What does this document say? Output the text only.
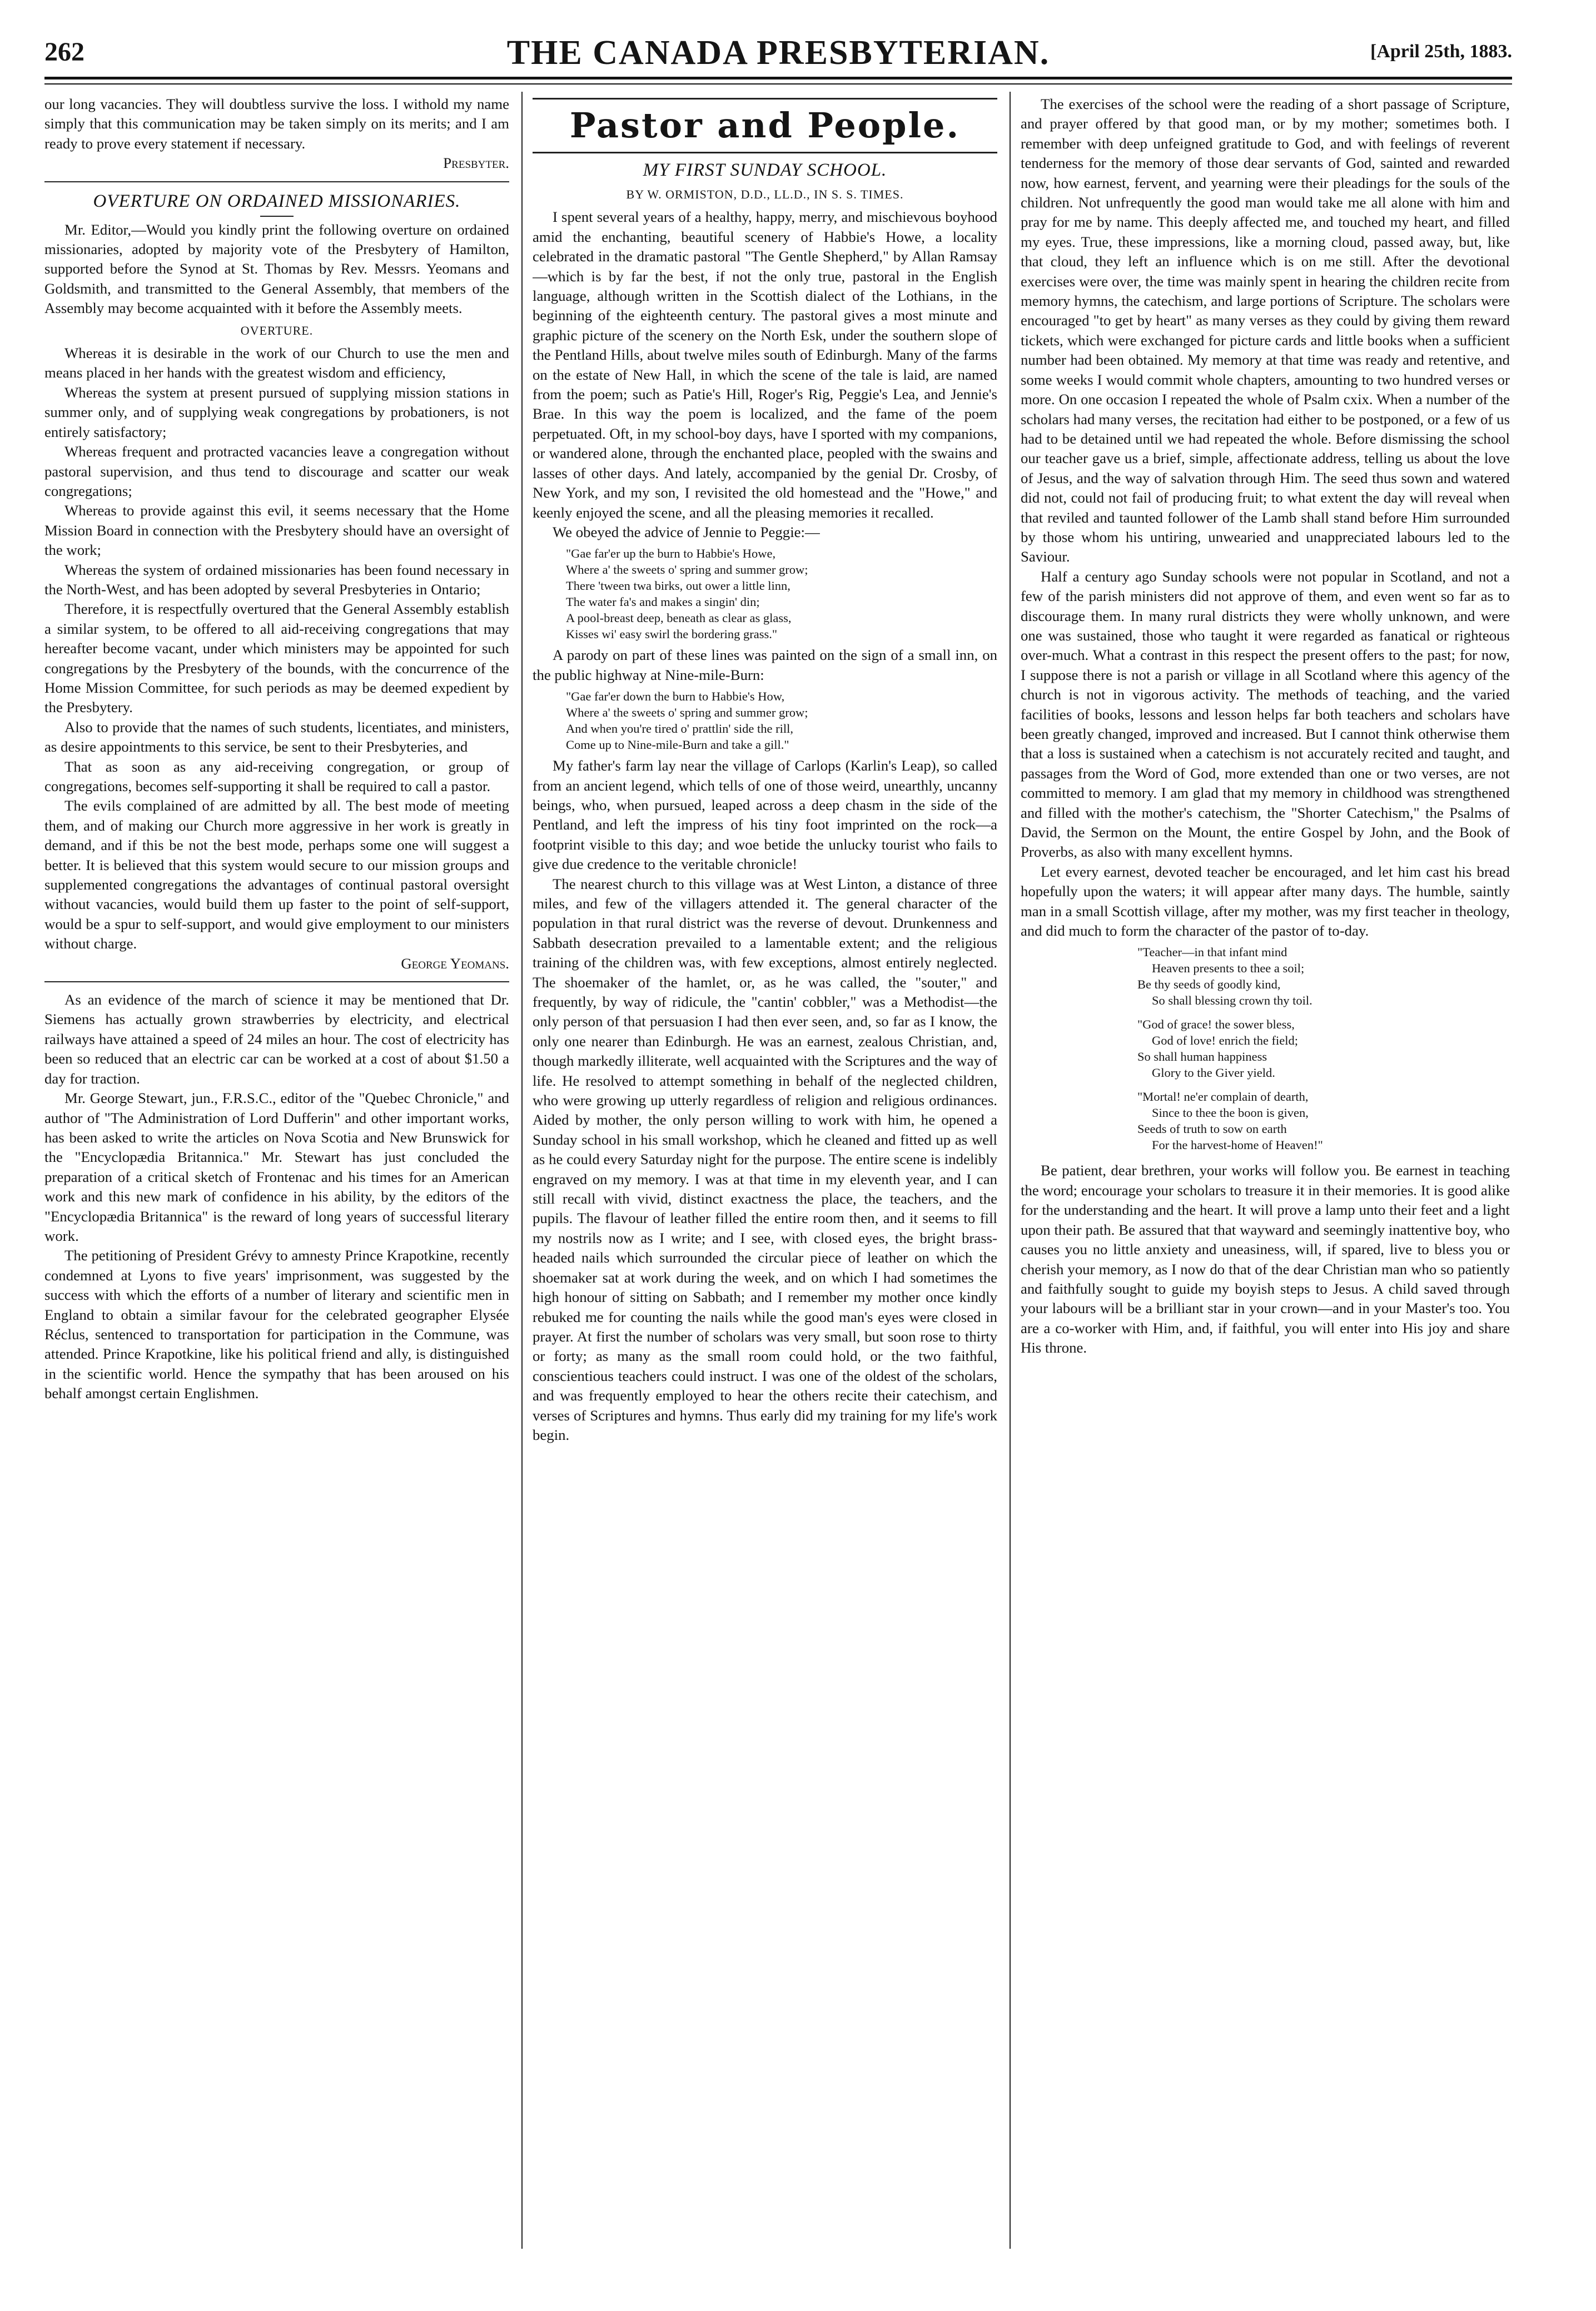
262	THE CANADA PRESBYTERIAN.	[April 25th, 1883.

our long vacancies. They will doubtless survive the loss. I withold my name simply that this communication may be taken simply on its merits; and I am ready to prove every statement if necessary.

Presbyter.
OVERTURE ON ORDAINED MISSIONARIES.

Mr. Editor,—Would you kindly print the following overture on ordained missionaries, adopted by majority vote of the Presbytery of Hamilton, supported before the Synod at St. Thomas by Rev. Messrs. Yeomans and Goldsmith, and transmitted to the General Assembly, that members of the Assembly may become acquainted with it before the Assembly meets.

OVERTURE.

Whereas it is desirable in the work of our Church to use the men and means placed in her hands with the greatest wisdom and efficiency,

Whereas the system at present pursued of supplying mission stations in summer only, and of supplying weak congregations by probationers, is not entirely satisfactory;

Whereas frequent and protracted vacancies leave a congregation without pastoral supervision, and thus tend to discourage and scatter our weak congregations;

Whereas to provide against this evil, it seems necessary that the Home Mission Board in connection with the Presbytery should have an oversight of the work;

Whereas the system of ordained missionaries has been found necessary in the North-West, and has been adopted by several Presbyteries in Ontario;

Therefore, it is respectfully overtured that the General Assembly establish a similar system, to be offered to all aid-receiving congregations that may hereafter become vacant, under which ministers may be appointed for such congregations by the Presbytery of the bounds, with the concurrence of the Home Mission Committee, for such periods as may be deemed expedient by the Presbytery.

Also to provide that the names of such students, licentiates, and ministers, as desire appointments to this service, be sent to their Presbyteries, and

That as soon as any aid-receiving congregation, or group of congregations, becomes self-supporting it shall be required to call a pastor.

The evils complained of are admitted by all. The best mode of meeting them, and of making our Church more aggressive in her work is greatly in demand, and if this be not the best mode, perhaps some one will suggest a better. It is believed that this system would secure to our mission groups and supplemented congregations the advantages of continual pastoral oversight without vacancies, would build them up faster to the point of self-support, would be a spur to self-support, and would give employment to our ministers without charge.

George Yeomans.

As an evidence of the march of science it may be mentioned that Dr. Siemens has actually grown strawberries by electricity, and electrical railways have attained a speed of 24 miles an hour. The cost of electricity has been so reduced that an electric car can be worked at a cost of about $1.50 a day for traction.

Mr. George Stewart, jun., F.R.S.C., editor of the "Quebec Chronicle," and author of "The Administration of Lord Dufferin" and other important works, has been asked to write the articles on Nova Scotia and New Brunswick for the "Encyclopædia Britannica." Mr. Stewart has just concluded the preparation of a critical sketch of Frontenac and his times for an American work and this new mark of confidence in his ability, by the editors of the "Encyclopædia Britannica" is the reward of long years of successful literary work.

The petitioning of President Grévy to amnesty Prince Krapotkine, recently condemned at Lyons to five years' imprisonment, was suggested by the success with which the efforts of a number of literary and scientific men in England to obtain a similar favour for the celebrated geographer Elysée Réclus, sentenced to transportation for participation in the Commune, was attended. Prince Krapotkine, like his political friend and ally, is distinguished in the scientific world. Hence the sympathy that has been aroused on his behalf amongst certain Englishmen.

Pastor and People.
MY FIRST SUNDAY SCHOOL.
BY W. ORMISTON, D.D., LL.D., IN S. S. TIMES.

I spent several years of a healthy, happy, merry, and mischievous boyhood amid the enchanting, beautiful scenery of Habbie's Howe, a locality celebrated in the dramatic pastoral "The Gentle Shepherd," by Allan Ramsay—which is by far the best, if not the only true, pastoral in the English language, although written in the Scottish dialect of the Lothians, in the beginning of the eighteenth century. The pastoral gives a most minute and graphic picture of the scenery on the North Esk, under the southern slope of the Pentland Hills, about twelve miles south of Edinburgh. Many of the farms on the estate of New Hall, in which the scene of the tale is laid, are named from the poem; such as Patie's Hill, Roger's Rig, Peggie's Lea, and Jennie's Brae. In this way the poem is localized, and the fame of the poem perpetuated. Oft, in my school-boy days, have I sported with my companions, or wandered alone, through the enchanted place, peopled with the swains and lasses of other days. And lately, accompanied by the genial Dr. Crosby, of New York, and my son, I revisited the old homestead and the "Howe," and keenly enjoyed the scene, and all the pleasing memories it recalled.

We obeyed the advice of Jennie to Peggie:—

"Gae far'er up the burn to Habbie's Howe,
Where a' the sweets o' spring and summer grow;
There 'tween twa birks, out ower a little linn,
The water fa's and makes a singin' din;
A pool-breast deep, beneath as clear as glass,
Kisses wi' easy swirl the bordering grass."

A parody on part of these lines was painted on the sign of a small inn, on the public highway at Nine-mile-Burn:

"Gae far'er down the burn to Habbie's How,
Where a' the sweets o' spring and summer grow;
And when you're tired o' prattlin' side the rill,
Come up to Nine-mile-Burn and take a gill."

My father's farm lay near the village of Carlops (Karlin's Leap), so called from an ancient legend, which tells of one of those weird, unearthly, uncanny beings, who, when pursued, leaped across a deep chasm in the side of the Pentland, and left the impress of his tiny foot imprinted on the rock—a footprint visible to this day; and woe betide the unlucky tourist who fails to give due credence to the veritable chronicle!

The nearest church to this village was at West Linton, a distance of three miles, and few of the villagers attended it. The general character of the population in that rural district was the reverse of devout. Drunkenness and Sabbath desecration prevailed to a lamentable extent; and the religious training of the children was, with few exceptions, almost entirely neglected. The shoemaker of the hamlet, or, as he was called, the "souter," and frequently, by way of ridicule, the "cantin' cobbler," was a Methodist—the only person of that persuasion I had then ever seen, and, so far as I know, the only one nearer than Edinburgh. He was an earnest, zealous Christian, and, though markedly illiterate, well acquainted with the Scriptures and the way of life. He resolved to attempt something in behalf of the neglected children, who were growing up utterly regardless of religion and religious ordinances. Aided by mother, the only person willing to work with him, he opened a Sunday school in his small workshop, which he cleaned and fitted up as well as he could every Saturday night for the purpose. The entire scene is indelibly engraved on my memory. I was at that time in my eleventh year, and I can still recall with vivid, distinct exactness the place, the teachers, and the pupils. The flavour of leather filled the entire room then, and it seems to fill my nostrils now as I write; and I see, with closed eyes, the bright brass-headed nails which surrounded the circular piece of leather on which the shoemaker sat at work during the week, and on which I had sometimes the high honour of sitting on Sabbath; and I remember my mother once kindly rebuked me for counting the nails while the good man's eyes were closed in prayer. At first the number of scholars was very small, but soon rose to thirty or forty; as many as the small room could hold, or the two faithful, conscientious teachers could instruct. I was one of the oldest of the scholars, and was frequently employed to hear the others recite their catechism, and verses of Scriptures and hymns. Thus early did my training for my life's work begin.

The exercises of the school were the reading of a short passage of Scripture, and prayer offered by that good man, or by my mother; sometimes both. I remember with deep unfeigned gratitude to God, and with feelings of reverent tenderness for the memory of those dear servants of God, sainted and rewarded now, how earnest, fervent, and yearning were their pleadings for the souls of the children. Not unfrequently the good man would take me all alone with him and pray for me by name. This deeply affected me, and touched my heart, and filled my eyes. True, these impressions, like a morning cloud, passed away, but, like that cloud, they left an influence which is on me still. After the devotional exercises were over, the time was mainly spent in hearing the children recite from memory hymns, the catechism, and large portions of Scripture. The scholars were encouraged "to get by heart" as many verses as they could by giving them reward tickets, which were exchanged for picture cards and little books when a sufficient number had been obtained. My memory at that time was ready and retentive, and some weeks I would commit whole chapters, amounting to two hundred verses or more. On one occasion I repeated the whole of Psalm cxix. When a number of the scholars had many verses, the recitation had either to be postponed, or a few of us had to be detained until we had repeated the whole. Before dismissing the school our teacher gave us a brief, simple, affectionate address, telling us about the love of Jesus, and the way of salvation through Him. The seed thus sown and watered did not, could not fail of producing fruit; to what extent the day will reveal when that reviled and taunted follower of the Lamb shall stand before Him surrounded by those whom his untiring, unwearied and unappreciated labours led to the Saviour.

Half a century ago Sunday schools were not popular in Scotland, and not a few of the parish ministers did not approve of them, and even went so far as to discourage them. In many rural districts they were wholly unknown, and were one was sustained, those who taught it were regarded as fanatical or righteous over-much. What a contrast in this respect the present offers to the past; for now, I suppose there is not a parish or village in all Scotland where this agency of the church is not in vigorous activity. The methods of teaching, and the varied facilities of books, lessons and lesson helps far both teachers and scholars have been greatly changed, improved and increased. But I cannot think otherwise them that a loss is sustained when a catechism is not accurately recited and taught, and passages from the Word of God, more extended than one or two verses, are not committed to memory. I am glad that my memory in childhood was strengthened and filled with the mother's catechism, the "Shorter Catechism," the Psalms of David, the Sermon on the Mount, the entire Gospel by John, and the Book of Proverbs, as also with many excellent hymns.

Let every earnest, devoted teacher be encouraged, and let him cast his bread hopefully upon the waters; it will appear after many days. The humble, saintly man in a small Scottish village, after my mother, was my first teacher in theology, and did much to form the character of the pastor of to-day.

"Teacher—in that infant mind
Heaven presents to thee a soil;
Be thy seeds of goodly kind,
So shall blessing crown thy toil.
"God of grace! the sower bless,
God of love! enrich the field;
So shall human happiness
Glory to the Giver yield.
"Mortal! ne'er complain of dearth,
Since to thee the boon is given,
Seeds of truth to sow on earth
For the harvest-home of Heaven!"

Be patient, dear brethren, your works will follow you. Be earnest in teaching the word; encourage your scholars to treasure it in their memories. It is good alike for the understanding and the heart. It will prove a lamp unto their feet and a light upon their path. Be assured that that wayward and seemingly inattentive boy, who causes you no little anxiety and uneasiness, will, if spared, live to bless you or cherish your memory, as I now do that of the dear Christian man who so patiently and faithfully sought to guide my boyish steps to Jesus. A child saved through your labours will be a brilliant star in your crown—and in your Master's too. You are a co-worker with Him, and, if faithful, you will enter into His joy and share His throne.
